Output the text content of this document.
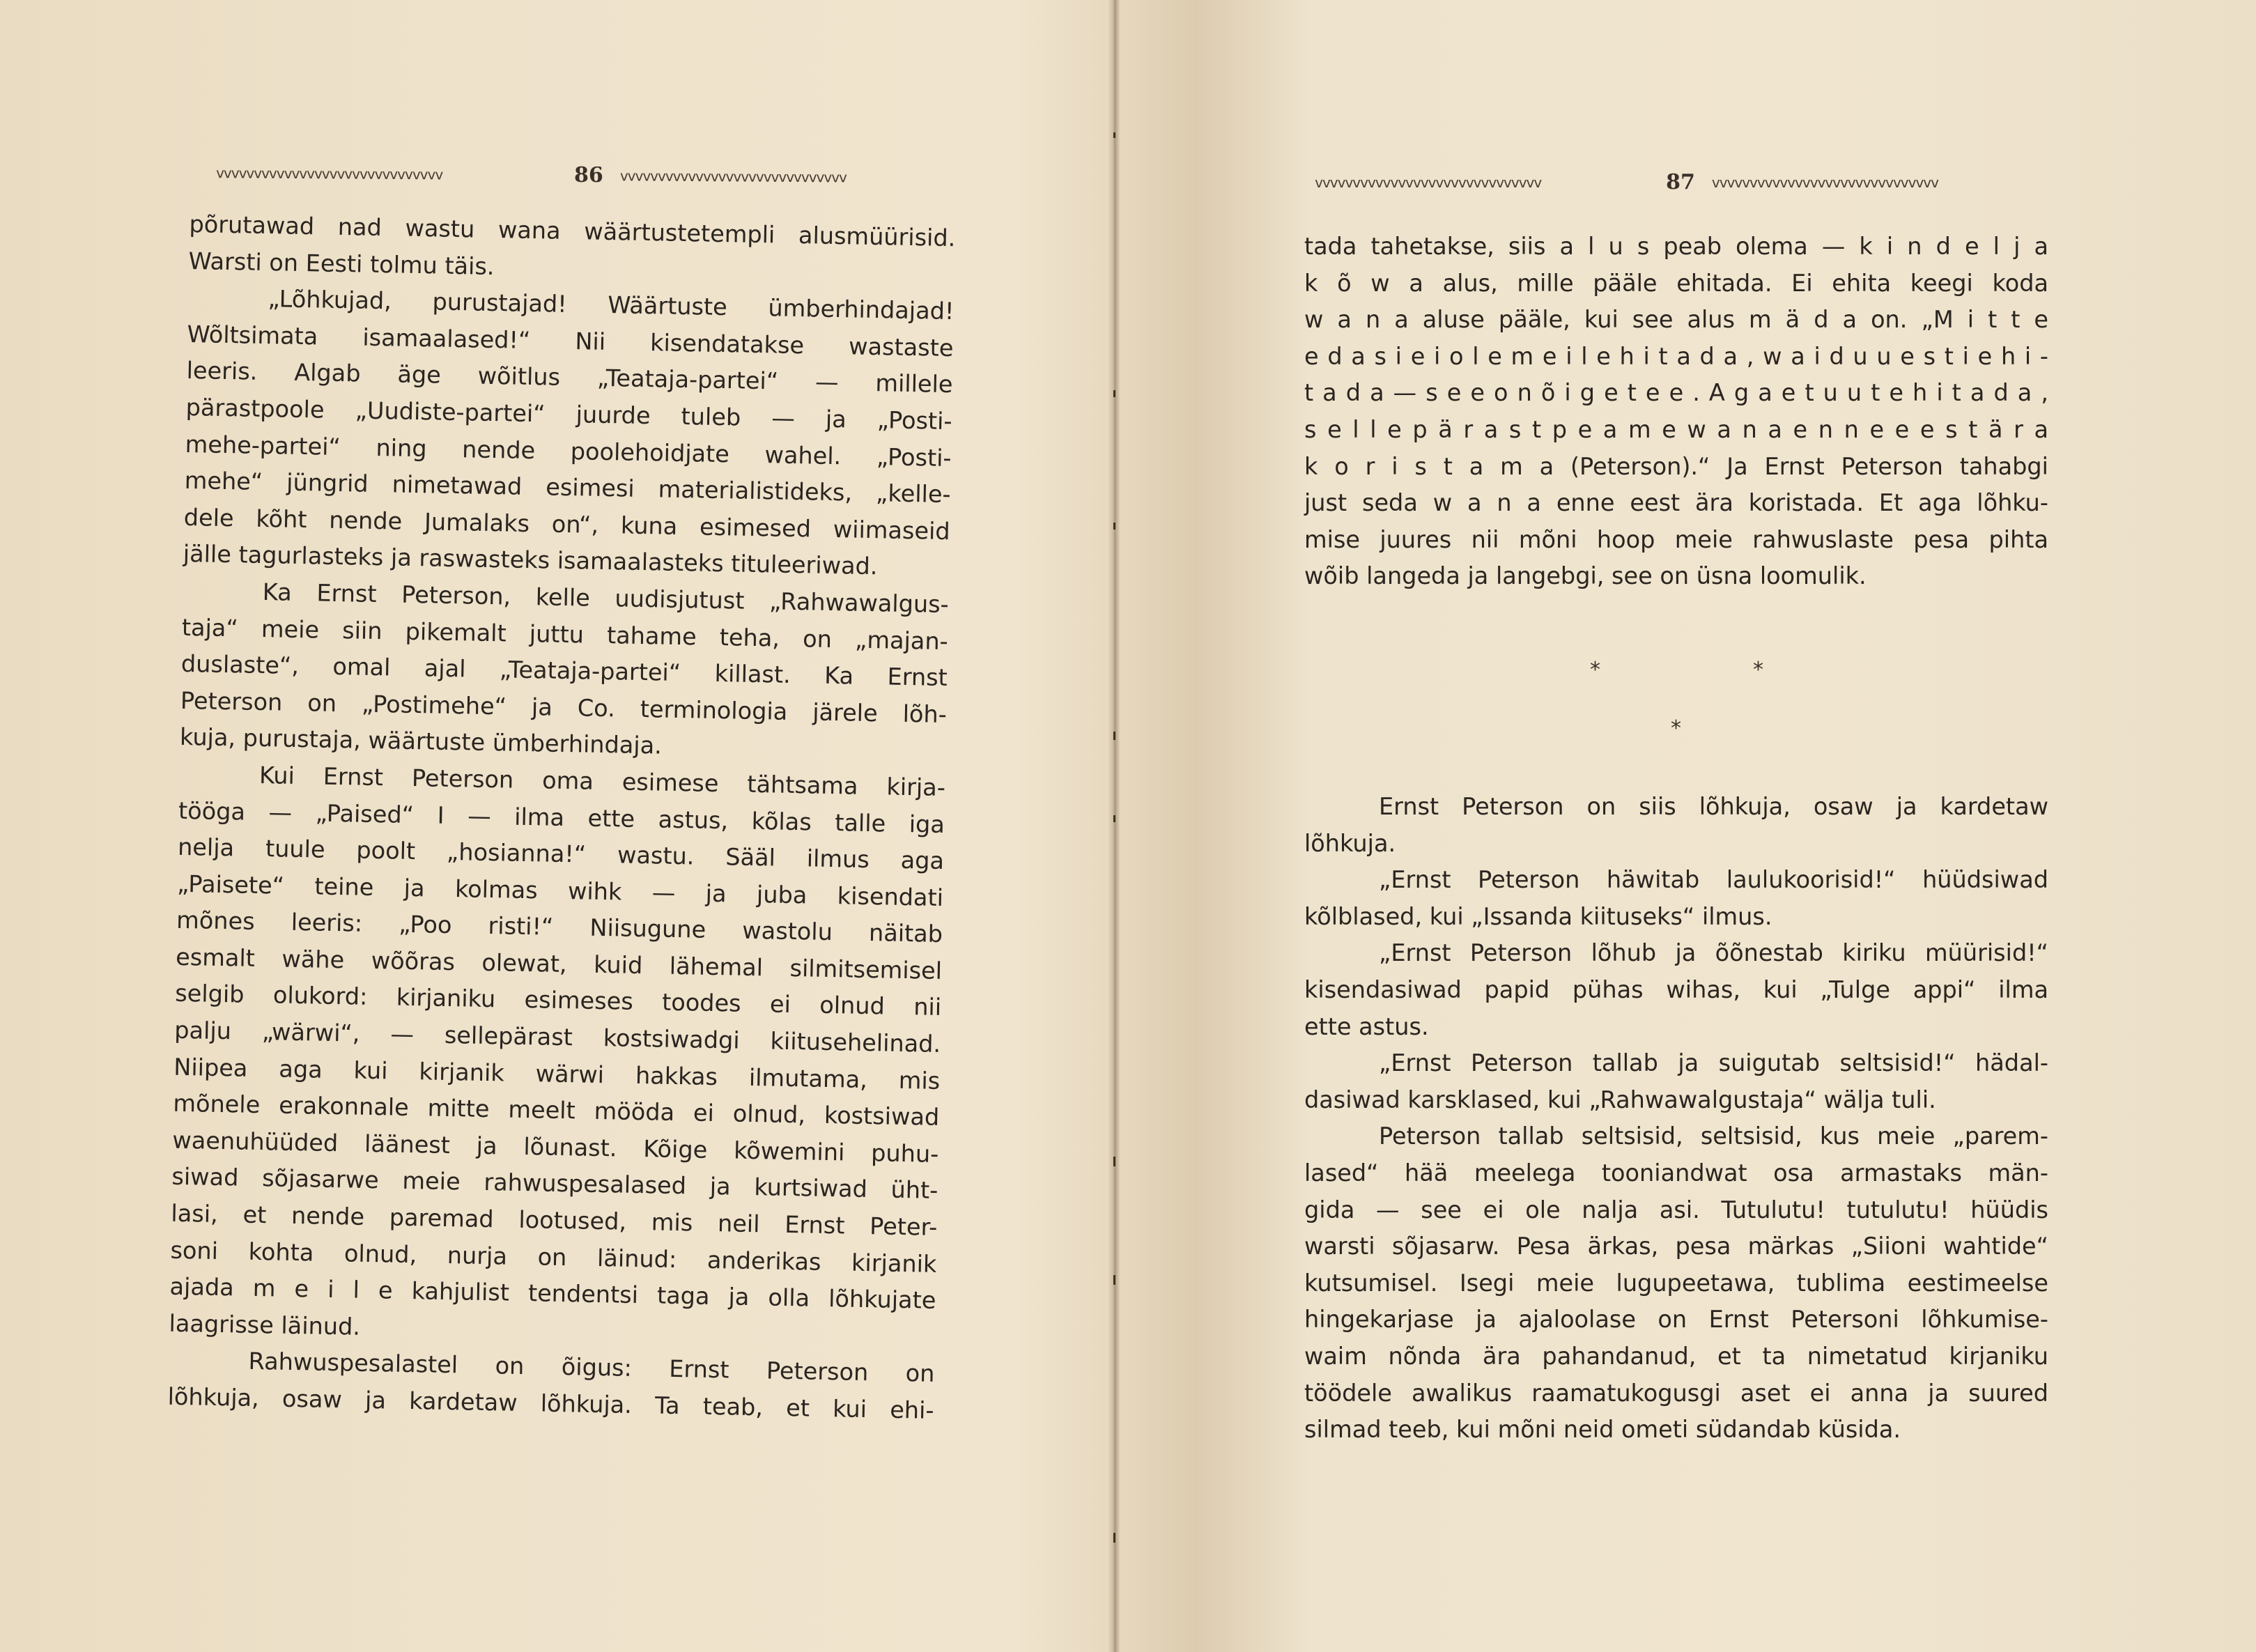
vvvvvvvvvvvvvvvvvvvvvvvvvvvvvv	86 vvvvvvvvvvvvvvvvvvvvvvvvvvvvvv
põrutawad nad wastu wana wäärtustetempli alusmüürisid.
Warsti on Eesti tolmu täis.
„Lõhkujad, purustajad! Wäärtuste ümberhindajad!
Wõltsimata isamaalased!“ Nii kisendatakse wastaste
leeris. Algab äge wõitlus „Teataja-partei“ — millele
pärastpoole „Uudiste-partei“ juurde tuleb — ja „Posti-
mehe-partei“ ning nende poolehoidjate wahel. „Posti-
mehe“ jüngrid nimetawad esimesi materialistideks, „kelle-
dele kõht nende Jumalaks on“, kuna esimesed wiimaseid
jälle tagurlasteks ja raswasteks isamaalasteks tituleeriwad.
Ka Ernst Peterson, kelle uudisjutust „Rahwawalgus-
taja“ meie siin pikemalt juttu tahame teha, on „majan-
duslaste“, omal ajal „Teataja-partei“ killast. Ka Ernst
Peterson on „Postimehe“ ja Co. terminologia järele lõh-
kuja, purustaja, wäärtuste ümberhindaja.
Kui Ernst Peterson oma esimese tähtsama kirja-
tööga — „Paised“ I — ilma ette astus, kõlas talle iga
nelja tuule poolt „hosianna!“ wastu. Sääl ilmus aga
„Paisete“ teine ja kolmas wihk — ja juba kisendati
mõnes leeris: „Poo risti!“ Niisugune wastolu näitab
esmalt wähe wõõras olewat, kuid lähemal silmitsemisel
selgib olukord: kirjaniku esimeses toodes ei olnud nii
palju „wärwi“, — sellepärast kostsiwadgi kiitusehelinad.
Niipea aga kui kirjanik wärwi hakkas ilmutama, mis
mõnele erakonnale mitte meelt mööda ei olnud, kostsiwad
waenuhüüded läänest ja lõunast. Kõige kõwemini puhu-
siwad sõjasarwe meie rahwuspesalased ja kurtsiwad üht-
lasi, et nende paremad lootused, mis neil Ernst Peter-
soni kohta olnud, nurja on läinud: anderikas kirjanik
ajada m e i l e kahjulist tendentsi taga ja olla lõhkujate
laagrisse läinud.
Rahwuspesalastel on õigus: Ernst Peterson on
lõhkuja, osaw ja kardetaw lõhkuja. Ta teab, et kui ehi-
vvvvvvvvvvvvvvvvvvvvvvvvvvvvvv	87 vvvvvvvvvvvvvvvvvvvvvvvvvvvvvv
tada tahetakse, siis a l u s peab olema — k i n d e l j a
k õ w a alus, mille pääle ehitada. Ei ehita keegi koda
w a n a aluse pääle, kui see alus m ä d a on. „M i t t e
e d a s i e i o l e m e i l e h i t a d a , w a i d u u e s t i e h i -
t a d a — s e e o n õ i g e t e e . A g a e t u u t e h i t a d a ,
s e l l e p ä r a s t p e a m e w a n a e n n e e e s t ä r a
k o r i s t a m a (Peterson).“ Ja Ernst Peterson tahabgi
just seda w a n a enne eest ära koristada. Et aga lõhku-
mise juures nii mõni hoop meie rahwuslaste pesa pihta
wõib langeda ja langebgi, see on üsna loomulik.
*	*
*
Ernst Peterson on siis lõhkuja, osaw ja kardetaw
lõhkuja.
„Ernst Peterson häwitab laulukoorisid!“ hüüdsiwad
kõlblased, kui „Issanda kiituseks“ ilmus.
„Ernst Peterson lõhub ja õõnestab kiriku müürisid!“
kisendasiwad papid pühas wihas, kui „Tulge appi“ ilma
ette astus.
„Ernst Peterson tallab ja suigutab seltsisid!“ hädal-
dasiwad karsklased, kui „Rahwawalgustaja“ wälja tuli.
Peterson tallab seltsisid, seltsisid, kus meie „parem-
lased“ hää meelega tooniandwat osa armastaks män-
gida — see ei ole nalja asi. Tutulutu! tutulutu! hüüdis
warsti sõjasarw. Pesa ärkas, pesa märkas „Siioni wahtide“
kutsumisel. Isegi meie lugupeetawa, tublima eestimeelse
hingekarjase ja ajaloolase on Ernst Petersoni lõhkumise-
waim nõnda ära pahandanud, et ta nimetatud kirjaniku
töödele awalikus raamatukogusgi aset ei anna ja suured
silmad teeb, kui mõni neid ometi südandab küsida.
